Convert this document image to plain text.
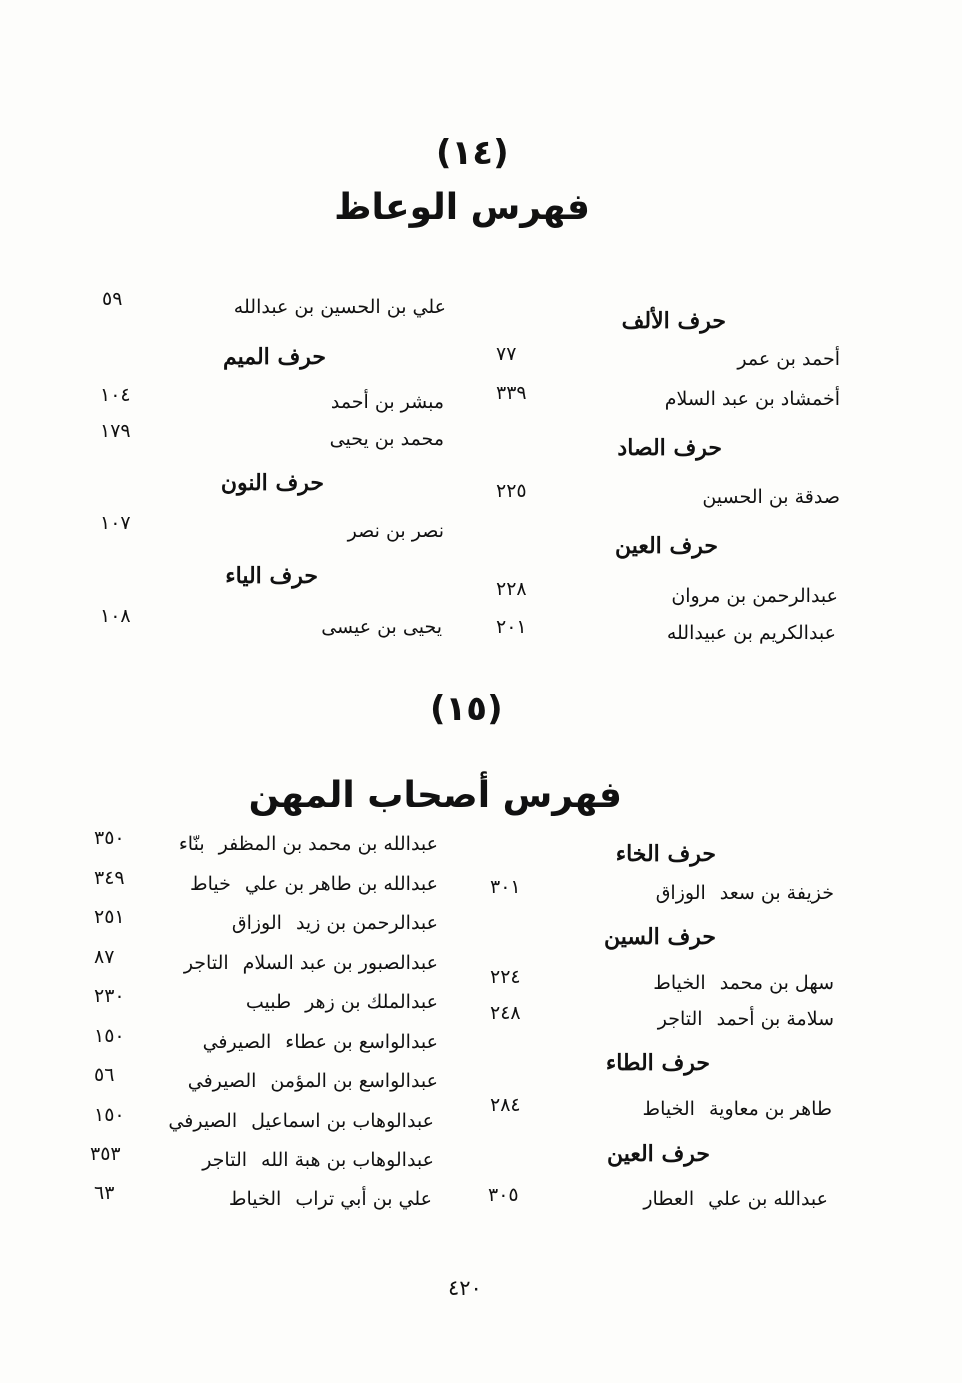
(١٤)
فهرس الوعاظ
حرف الألف
أحمد بن عمر
٧٧
أخمشاد بن عبد السلام
٣٣٩
حرف الصاد
صدقة بن الحسين
٢٢٥
حرف العين
عبدالرحمن بن مروان
٢٢٨
عبدالكريم بن عبيدالله
٢٠١
علي بن الحسين بن عبدالله
٥٩
حرف الميم
مبشر بن أحمد
١٠٤
محمد بن يحيى
١٧٩
حرف النون
نصر بن نصر
١٠٧
حرف الياء
يحيى بن عيسى
١٠٨
(١٥)
فهرس أصحاب المهن
حرف الخاء
خزيفة بن سعدالوزاق
٣٠١
حرف السين
سهل بن محمدالخياط
٢٢٤
سلامة بن أحمدالتاجر
٢٤٨
حرف الطاء
طاهر بن معاويةالخياط
٢٨٤
حرف العين
عبدالله بن عليالعطار
٣٠٥
عبدالله بن محمد بن المظفربنّاء
٣٥٠
عبدالله بن طاهر بن عليخياط
٣٤٩
عبدالرحمن بن زيدالوزاق
٢٥١
عبدالصبور بن عبد السلامالتاجر
٨٧
عبدالملك بن زهرطبيب
٢٣٠
عبدالواسع بن عطاءالصيرفي
١٥٠
عبدالواسع بن المؤمنالصيرفي
٥٦
عبدالوهاب بن اسماعيلالصيرفي
١٥٠
عبدالوهاب بن هبة اللهالتاجر
٣٥٣
علي بن أبي ترابالخياط
٦٣
٤٢٠
